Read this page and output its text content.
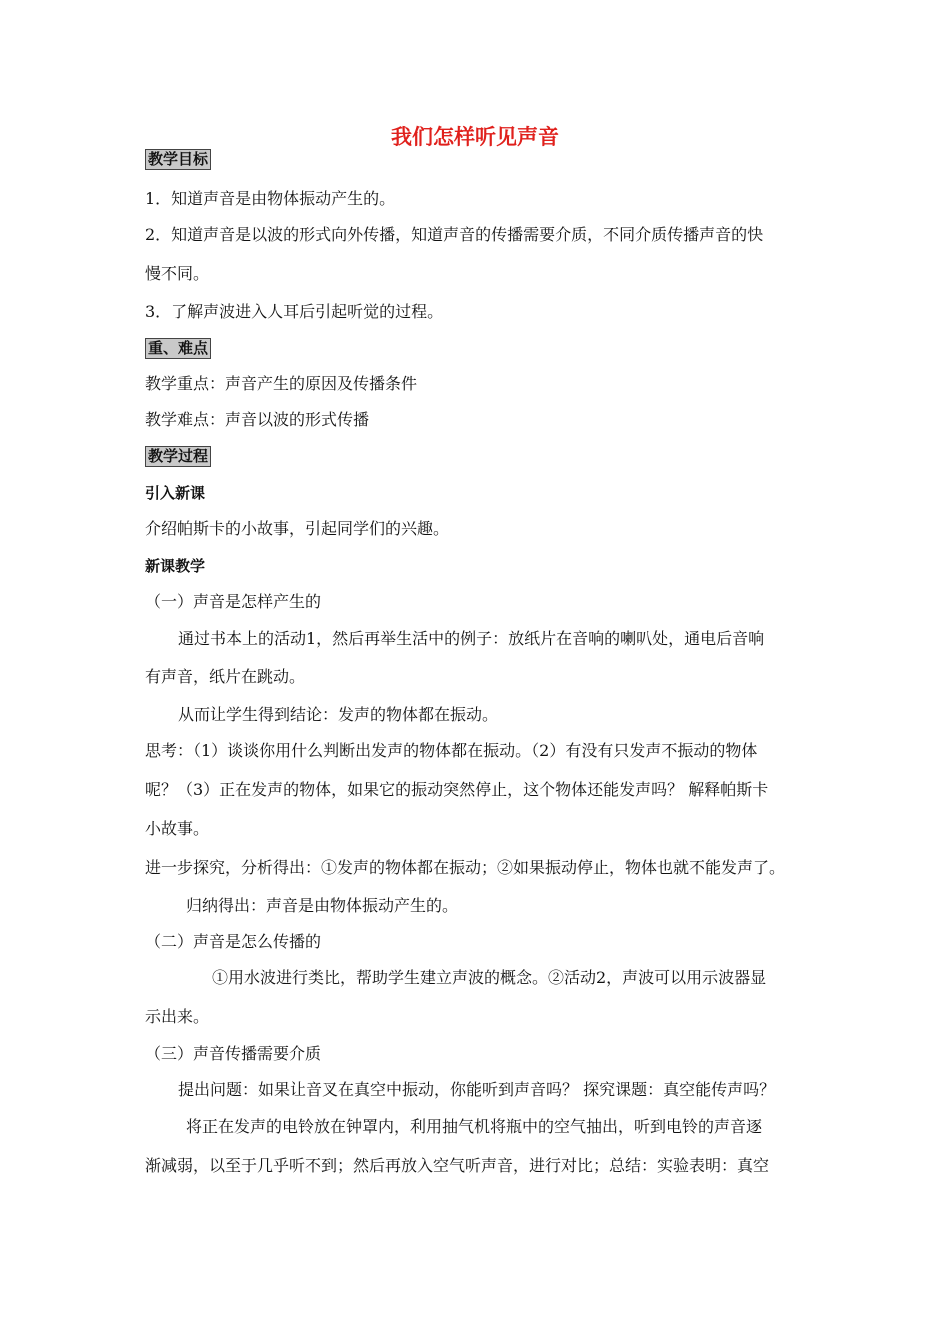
我们怎样听见声音
教学目标
1．知道声音是由物体振动产生的。
2．知道声音是以波的形式向外传播，知道声音的传播需要介质，不同介质传播声音的快
慢不同。
3．了解声波进入人耳后引起听觉的过程。
重、难点
教学重点：声音产生的原因及传播条件
教学难点：声音以波的形式传播
教学过程
引入新课
介绍帕斯卡的小故事，引起同学们的兴趣。
新课教学
（一）声音是怎样产生的
通过书本上的活动1，然后再举生活中的例子：放纸片在音响的喇叭处，通电后音响
有声音，纸片在跳动。
从而让学生得到结论：发声的物体都在振动。
思考：（1）谈谈你用什么判断出发声的物体都在振动。（2）有没有只发声不振动的物体
呢？（3）正在发声的物体，如果它的振动突然停止，这个物体还能发声吗？ 解释帕斯卡
小故事。
进一步探究，分析得出：①发声的物体都在振动；②如果振动停止，物体也就不能发声了。
归纳得出：声音是由物体振动产生的。
（二）声音是怎么传播的
①用水波进行类比，帮助学生建立声波的概念。②活动2，声波可以用示波器显
示出来。
（三）声音传播需要介质
提出问题：如果让音叉在真空中振动，你能听到声音吗？ 探究课题：真空能传声吗？
将正在发声的电铃放在钟罩内，利用抽气机将瓶中的空气抽出，听到电铃的声音逐
渐减弱，以至于几乎听不到；然后再放入空气听声音，进行对比；总结：实验表明：真空
